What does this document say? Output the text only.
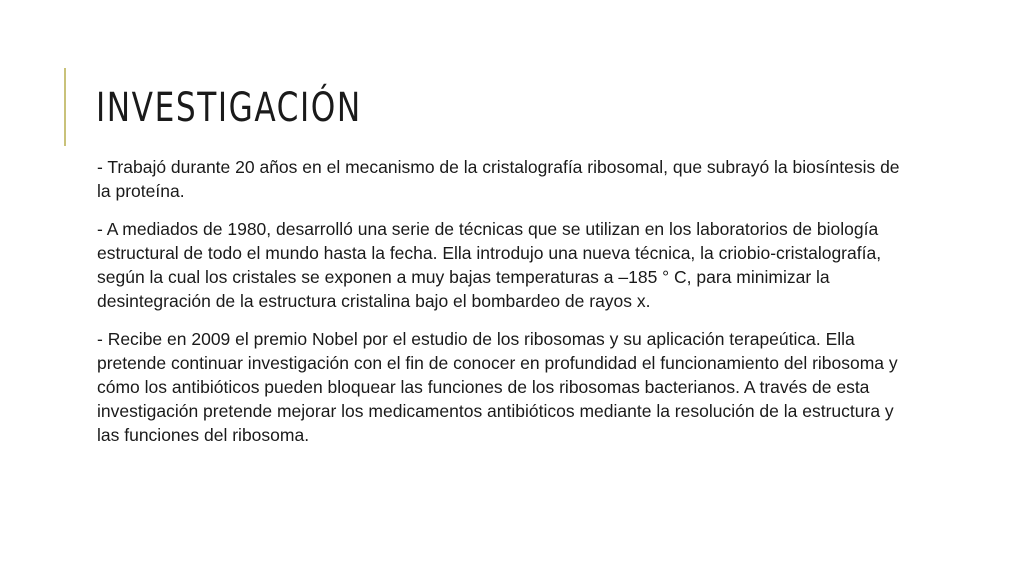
INVESTIGACIÓN

- Trabajó durante 20 años en el mecanismo de la cristalografía ribosomal, que subrayó la biosíntesis de la proteína.

- A mediados de 1980, desarrolló una serie de técnicas que se utilizan en los laboratorios de biología estructural de todo el mundo hasta la fecha. Ella introdujo una nueva técnica, la criobio-cristalografía, según la cual los cristales se exponen a muy bajas temperaturas a –185 ° C, para minimizar la desintegración de la estructura cristalina bajo el bombardeo de rayos x.

- Recibe en 2009 el premio Nobel por el estudio de los ribosomas y su aplicación terapeútica. Ella pretende continuar investigación con el fin de conocer en profundidad el funcionamiento del ribosoma y cómo los antibióticos pueden bloquear las funciones de los ribosomas bacterianos. A través de esta investigación pretende mejorar los medicamentos antibióticos mediante la resolución de la estructura y las funciones del ribosoma.
